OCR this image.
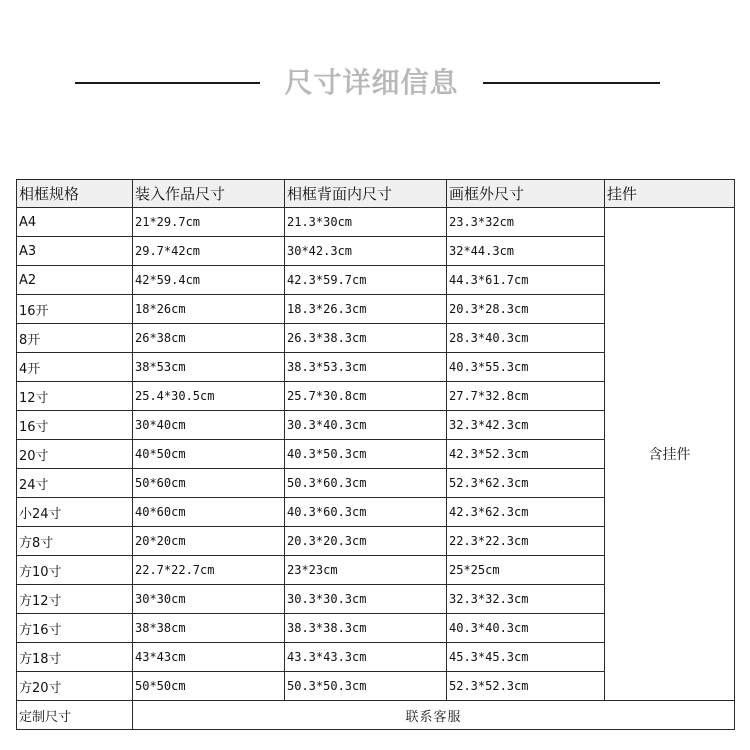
尺寸详细信息
相框规格	装入作品尺寸	相框背面内尺寸	画框外尺寸	挂件
A4	21*29.7cm	21.3*30cm	23.3*32cm	含挂件
A3	29.7*42cm	30*42.3cm	32*44.3cm	
A2	42*59.4cm	42.3*59.7cm	44.3*61.7cm	
16开	18*26cm	18.3*26.3cm	20.3*28.3cm	
8开	26*38cm	26.3*38.3cm	28.3*40.3cm	
4开	38*53cm	38.3*53.3cm	40.3*55.3cm	
12寸	25.4*30.5cm	25.7*30.8cm	27.7*32.8cm	
16寸	30*40cm	30.3*40.3cm	32.3*42.3cm	
20寸	40*50cm	40.3*50.3cm	42.3*52.3cm	
24寸	50*60cm	50.3*60.3cm	52.3*62.3cm	
小24寸	40*60cm	40.3*60.3cm	42.3*62.3cm	
方8寸	20*20cm	20.3*20.3cm	22.3*22.3cm	
方10寸	22.7*22.7cm	23*23cm	25*25cm	
方12寸	30*30cm	30.3*30.3cm	32.3*32.3cm	
方16寸	38*38cm	38.3*38.3cm	40.3*40.3cm	
方18寸	43*43cm	43.3*43.3cm	45.3*45.3cm	
方20寸	50*50cm	50.3*50.3cm	52.3*52.3cm	
定制尺寸	联系客服			
